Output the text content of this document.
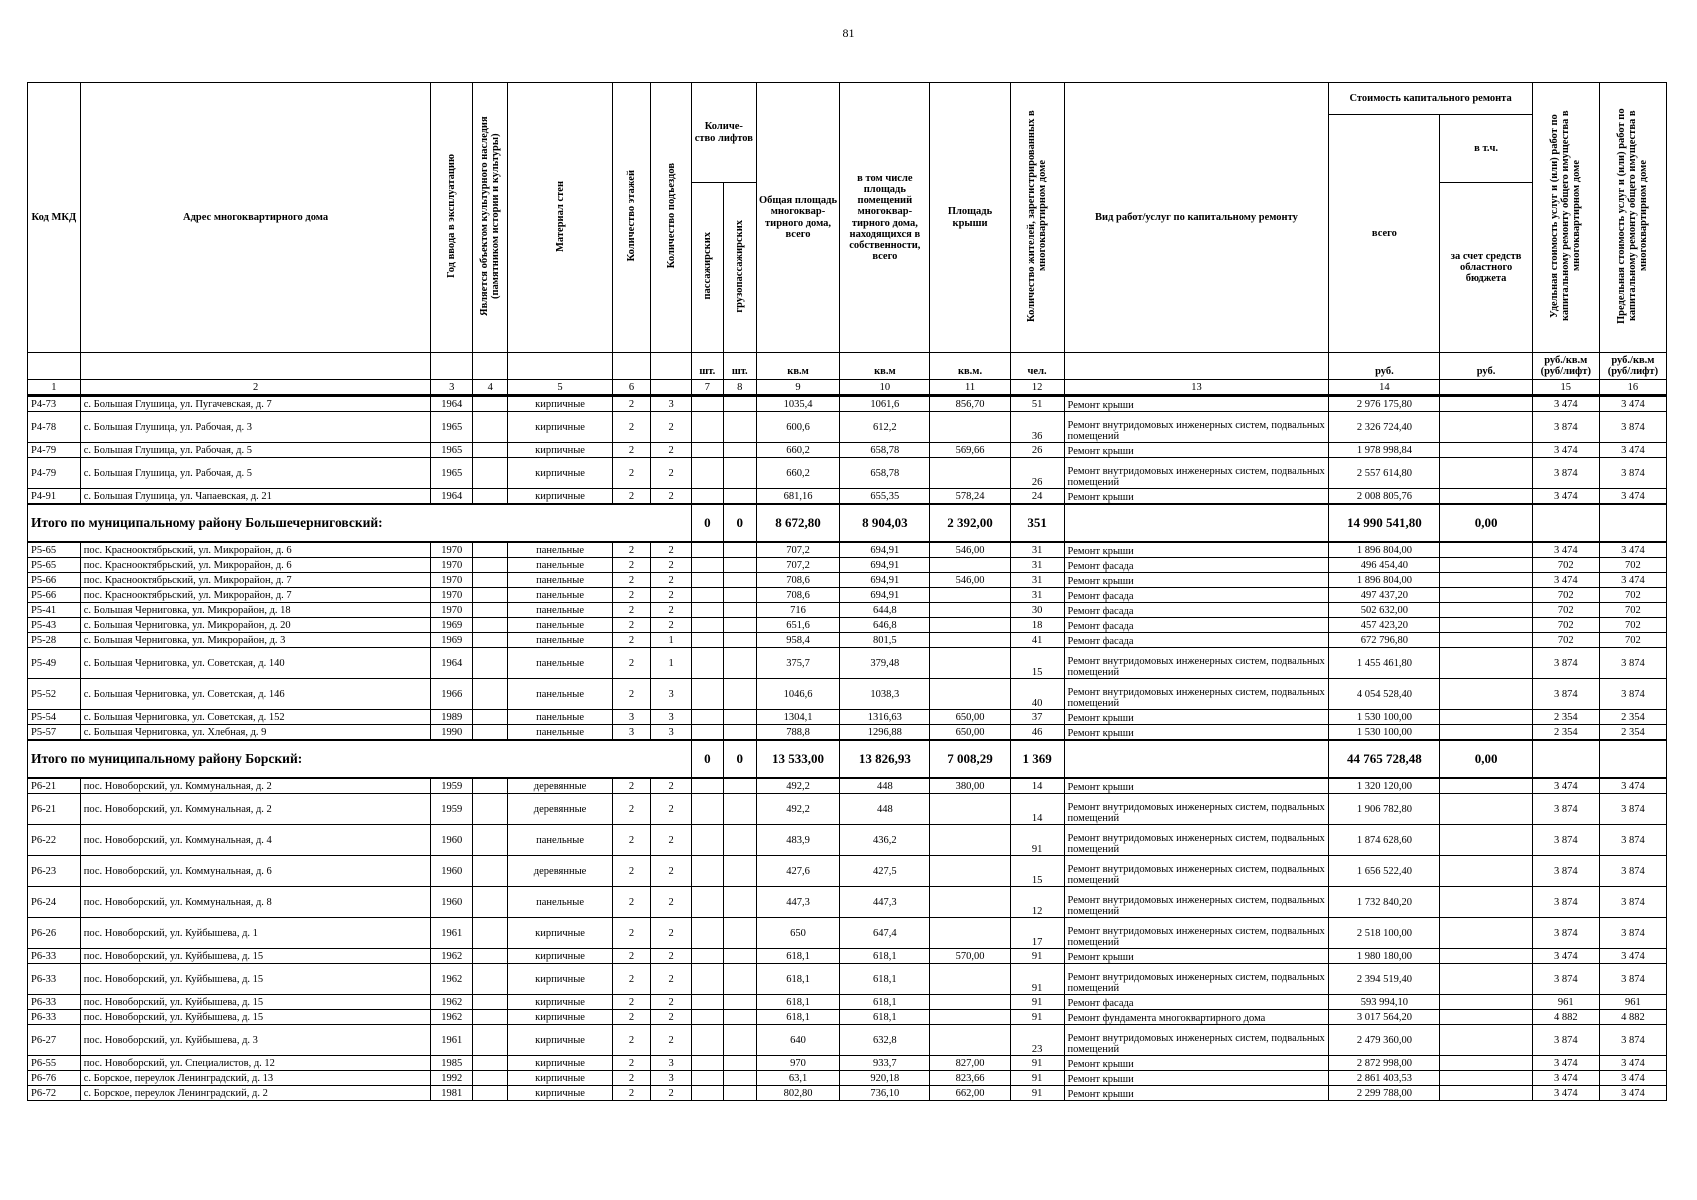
81
Код МКД	Адрес многоквартирного дома	Год ввода в эксплуатацию	Является объектом культурного наследия (памятником истории и культуры)	Материал стен	Количество этажей	Количество подъездов	Количе- ство лифтов		Общая площадь многоквар- тирного дома, всего	в том числе площадь помещений многоквар- тирного дома, находящихся в собственности, всего	Площадь крыши	Количество жителей, зарегистрированных в многоквартирном доме	Вид работ/услуг по капитальному ремонту	Стоимость капитального ремонта		Удельная стоимость услуг и (или) работ по капитальному ремонту общего имущества в многоквартирном доме	Предельная стоимость услуг и (или) работ по капитальному ремонту общего имущества в многоквартирном доме
														всего	в т.ч.		
							пассажирских	грузопассажирских							за счет средств областного бюджета		
							шт.	шт.	кв.м	кв.м	кв.м.	чел.		руб.	руб.	руб./кв.м (руб/лифт)	руб./кв.м (руб/лифт)
1	2	3	4	5	6		7	8	9	10	11	12	13	14		15	16
Р4-73	с. Большая Глушица, ул. Пугачевская, д. 7	1964		кирпичные	2	3			1035,4	1061,6	856,70	51	Ремонт крыши	2 976 175,80		3 474	3 474
Р4-78	с. Большая Глушица, ул. Рабочая, д. 3	1965		кирпичные	2	2			600,6	612,2		36	Ремонт внутридомовых инженерных систем, подвальных помещений	2 326 724,40		3 874	3 874
Р4-79	с. Большая Глушица, ул. Рабочая, д. 5	1965		кирпичные	2	2			660,2	658,78	569,66	26	Ремонт крыши	1 978 998,84		3 474	3 474
Р4-79	с. Большая Глушица, ул. Рабочая, д. 5	1965		кирпичные	2	2			660,2	658,78		26	Ремонт внутридомовых инженерных систем, подвальных помещений	2 557 614,80		3 874	3 874
Р4-91	с. Большая Глушица, ул. Чапаевская, д. 21	1964		кирпичные	2	2			681,16	655,35	578,24	24	Ремонт крыши	2 008 805,76		3 474	3 474
Итого по муниципальному району Большечерниговский:							0	0	8 672,80	8 904,03	2 392,00	351		14 990 541,80	0,00		
Р5-65	пос. Краснооктябрьский, ул. Микрорайон, д. 6	1970		панельные	2	2			707,2	694,91	546,00	31	Ремонт крыши	1 896 804,00		3 474	3 474
Р5-65	пос. Краснооктябрьский, ул. Микрорайон, д. 6	1970		панельные	2	2			707,2	694,91		31	Ремонт фасада	496 454,40		702	702
Р5-66	пос. Краснооктябрьский, ул. Микрорайон, д. 7	1970		панельные	2	2			708,6	694,91	546,00	31	Ремонт крыши	1 896 804,00		3 474	3 474
Р5-66	пос. Краснооктябрьский, ул. Микрорайон, д. 7	1970		панельные	2	2			708,6	694,91		31	Ремонт фасада	497 437,20		702	702
Р5-41	с. Большая Черниговка, ул. Микрорайон, д. 18	1970		панельные	2	2			716	644,8		30	Ремонт фасада	502 632,00		702	702
Р5-43	с. Большая Черниговка, ул. Микрорайон, д. 20	1969		панельные	2	2			651,6	646,8		18	Ремонт фасада	457 423,20		702	702
Р5-28	с. Большая Черниговка, ул. Микрорайон, д. 3	1969		панельные	2	1			958,4	801,5		41	Ремонт фасада	672 796,80		702	702
Р5-49	с. Большая Черниговка, ул. Советская, д. 140	1964		панельные	2	1			375,7	379,48		15	Ремонт внутридомовых инженерных систем, подвальных помещений	1 455 461,80		3 874	3 874
Р5-52	с. Большая Черниговка, ул. Советская, д. 146	1966		панельные	2	3			1046,6	1038,3		40	Ремонт внутридомовых инженерных систем, подвальных помещений	4 054 528,40		3 874	3 874
Р5-54	с. Большая Черниговка, ул. Советская, д. 152	1989		панельные	3	3			1304,1	1316,63	650,00	37	Ремонт крыши	1 530 100,00		2 354	2 354
Р5-57	с. Большая Черниговка, ул. Хлебная, д. 9	1990		панельные	3	3			788,8	1296,88	650,00	46	Ремонт крыши	1 530 100,00		2 354	2 354
Итого по муниципальному району Борский:							0	0	13 533,00	13 826,93	7 008,29	1 369		44 765 728,48	0,00		
Р6-21	пос. Новоборский, ул. Коммунальная, д. 2	1959		деревянные	2	2			492,2	448	380,00	14	Ремонт крыши	1 320 120,00		3 474	3 474
Р6-21	пос. Новоборский, ул. Коммунальная, д. 2	1959		деревянные	2	2			492,2	448		14	Ремонт внутридомовых инженерных систем, подвальных помещений	1 906 782,80		3 874	3 874
Р6-22	пос. Новоборский, ул. Коммунальная, д. 4	1960		панельные	2	2			483,9	436,2		91	Ремонт внутридомовых инженерных систем, подвальных помещений	1 874 628,60		3 874	3 874
Р6-23	пос. Новоборский, ул. Коммунальная, д. 6	1960		деревянные	2	2			427,6	427,5		15	Ремонт внутридомовых инженерных систем, подвальных помещений	1 656 522,40		3 874	3 874
Р6-24	пос. Новоборский, ул. Коммунальная, д. 8	1960		панельные	2	2			447,3	447,3		12	Ремонт внутридомовых инженерных систем, подвальных помещений	1 732 840,20		3 874	3 874
Р6-26	пос. Новоборский, ул. Куйбышева, д. 1	1961		кирпичные	2	2			650	647,4		17	Ремонт внутридомовых инженерных систем, подвальных помещений	2 518 100,00		3 874	3 874
Р6-33	пос. Новоборский, ул. Куйбышева, д. 15	1962		кирпичные	2	2			618,1	618,1	570,00	91	Ремонт крыши	1 980 180,00		3 474	3 474
Р6-33	пос. Новоборский, ул. Куйбышева, д. 15	1962		кирпичные	2	2			618,1	618,1		91	Ремонт внутридомовых инженерных систем, подвальных помещений	2 394 519,40		3 874	3 874
Р6-33	пос. Новоборский, ул. Куйбышева, д. 15	1962		кирпичные	2	2			618,1	618,1		91	Ремонт фасада	593 994,10		961	961
Р6-33	пос. Новоборский, ул. Куйбышева, д. 15	1962		кирпичные	2	2			618,1	618,1		91	Ремонт фундамента многоквартирного дома	3 017 564,20		4 882	4 882
Р6-27	пос. Новоборский, ул. Куйбышева, д. 3	1961		кирпичные	2	2			640	632,8		23	Ремонт внутридомовых инженерных систем, подвальных помещений	2 479 360,00		3 874	3 874
Р6-55	пос. Новоборский, ул. Специалистов, д. 12	1985		кирпичные	2	3			970	933,7	827,00	91	Ремонт крыши	2 872 998,00		3 474	3 474
Р6-76	с. Борское, переулок Ленинградский, д. 13	1992		кирпичные	2	3			63,1	920,18	823,66	91	Ремонт крыши	2 861 403,53		3 474	3 474
Р6-72	с. Борское, переулок Ленинградский, д. 2	1981		кирпичные	2	2			802,80	736,10	662,00	91	Ремонт крыши	2 299 788,00		3 474	3 474
